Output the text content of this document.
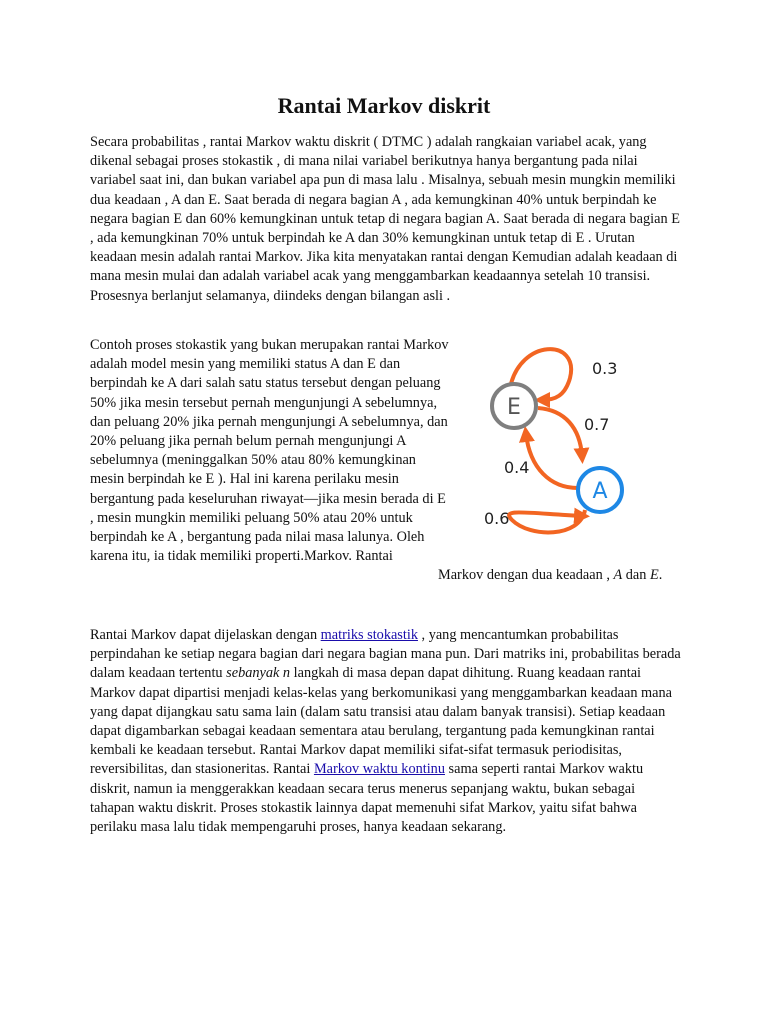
Rantai Markov diskrit

Secara probabilitas , rantai Markov waktu diskrit ( DTMC ) adalah rangkaian variabel acak, yang dikenal sebagai proses stokastik , di mana nilai variabel berikutnya hanya bergantung pada nilai variabel saat ini, dan bukan variabel apa pun di masa lalu . Misalnya, sebuah mesin mungkin memiliki dua keadaan , A dan E. Saat berada di negara bagian A , ada kemungkinan 40% untuk berpindah ke negara bagian E dan 60% kemungkinan untuk tetap di negara bagian A. Saat berada di negara bagian E , ada kemungkinan 70% untuk berpindah ke A dan 30% kemungkinan untuk tetap di E . Urutan keadaan mesin adalah rantai Markov. Jika kita menyatakan rantai dengan Kemudian adalah keadaan di mana mesin mulai dan adalah variabel acak yang menggambarkan keadaannya setelah 10 transisi. Prosesnya berlanjut selamanya, diindeks dengan bilangan asli .

Contoh proses stokastik yang bukan merupakan rantai Markov adalah model mesin yang memiliki status A dan E dan berpindah ke A dari salah satu status tersebut dengan peluang 50% jika mesin tersebut pernah mengunjungi A sebelumnya, dan peluang 20% jika pernah mengunjungi A sebelumnya, dan 20% peluang jika pernah belum pernah mengunjungi A sebelumnya (meninggalkan 50% atau 80% kemungkinan mesin berpindah ke E ). Hal ini karena perilaku mesin bergantung pada keseluruhan riwayat—jika mesin berada di E , mesin mungkin memiliki peluang 50% atau 20% untuk berpindah ke A , bergantung pada nilai masa lalunya. Oleh karena itu, ia tidak memiliki properti.Markov. Rantai

E
A
0.3
0.7
0.4
0.6
Markov dengan dua keadaan , A dan E.

Rantai Markov dapat dijelaskan dengan matriks stokastik , yang mencantumkan probabilitas perpindahan ke setiap negara bagian dari negara bagian mana pun. Dari matriks ini, probabilitas berada dalam keadaan tertentu sebanyak n langkah di masa depan dapat dihitung. Ruang keadaan rantai Markov dapat dipartisi menjadi kelas-kelas yang berkomunikasi yang menggambarkan keadaan mana yang dapat dijangkau satu sama lain (dalam satu transisi atau dalam banyak transisi). Setiap keadaan dapat digambarkan sebagai keadaan sementara atau berulang, tergantung pada kemungkinan rantai kembali ke keadaan tersebut. Rantai Markov dapat memiliki sifat-sifat termasuk periodisitas, reversibilitas, dan stasioneritas. Rantai Markov waktu kontinu sama seperti rantai Markov waktu diskrit, namun ia menggerakkan keadaan secara terus menerus sepanjang waktu, bukan sebagai tahapan waktu diskrit. Proses stokastik lainnya dapat memenuhi sifat Markov, yaitu sifat bahwa perilaku masa lalu tidak mempengaruhi proses, hanya keadaan sekarang.
